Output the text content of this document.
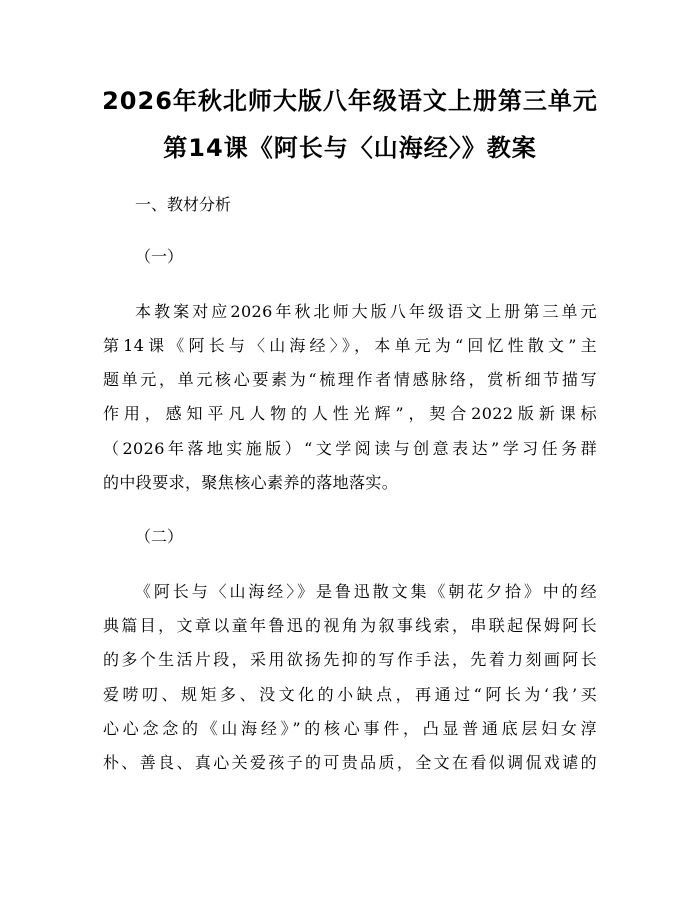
2026年秋北师大版八年级语文上册第三单元
第14课《阿长与〈山海经〉》教案

一、教材分析

（一）

本教案对应2026年秋北师大版八年级语文上册第三单元
第14课《阿长与〈山海经〉》，本单元为“回忆性散文”主
题单元，单元核心要素为“梳理作者情感脉络，赏析细节描写
作用，感知平凡人物的人性光辉”，契合2022版新课标
（2026年落地实施版）“文学阅读与创意表达”学习任务群
的中段要求，聚焦核心素养的落地落实。

（二）

《阿长与〈山海经〉》是鲁迅散文集《朝花夕拾》中的经
典篇目，文章以童年鲁迅的视角为叙事线索，串联起保姆阿长
的多个生活片段，采用欲扬先抑的写作手法，先着力刻画阿长
爱唠叨、规矩多、没文化的小缺点，再通过“阿长为‘我’买
心心念念的《山海经》”的核心事件，凸显普通底层妇女淳
朴、善良、真心关爱孩子的可贵品质，全文在看似调侃戏谑的
